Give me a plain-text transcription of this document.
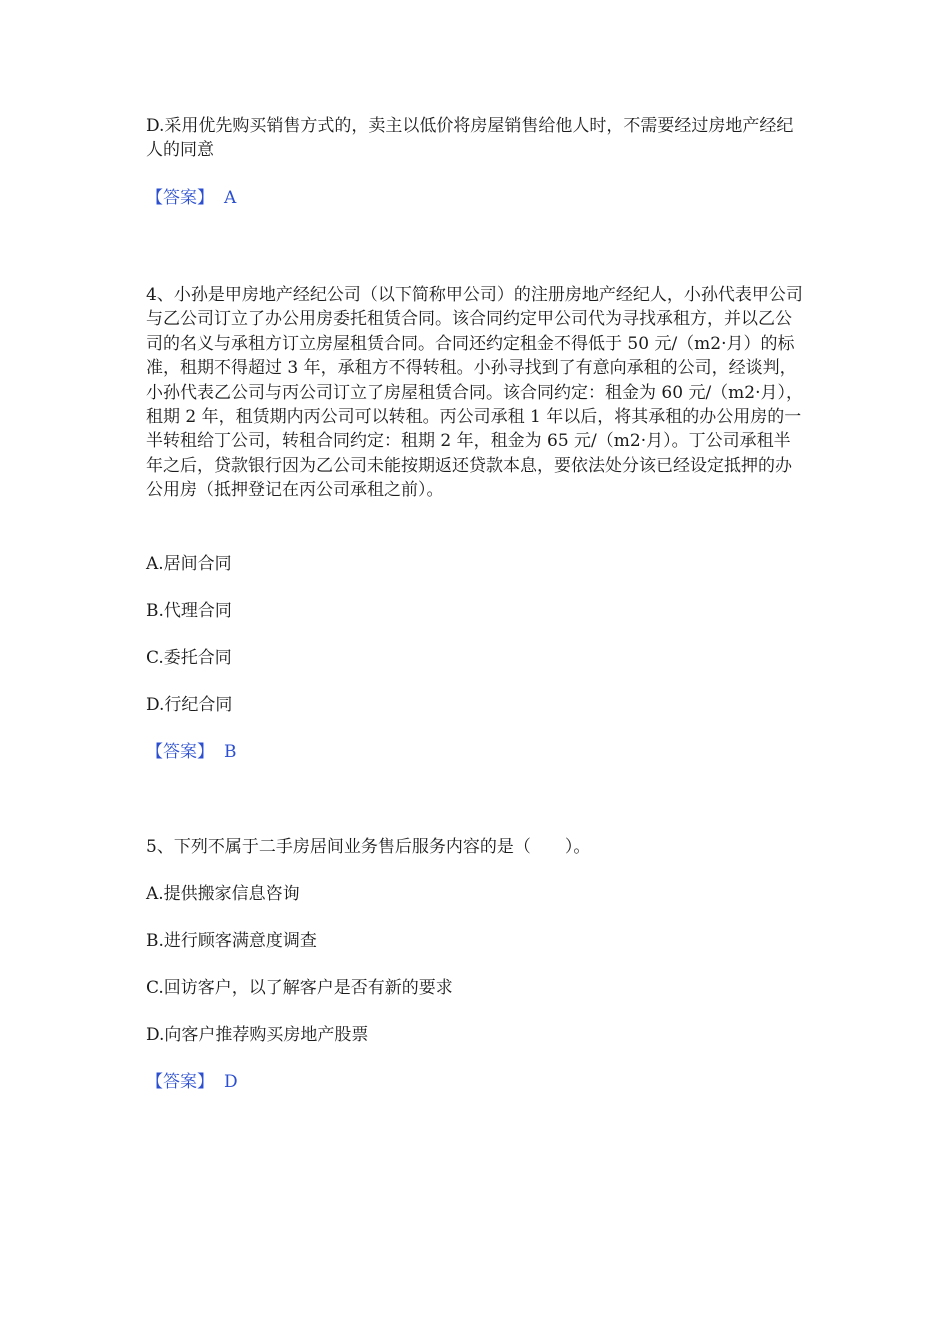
D.采用优先购买销售方式的，卖主以低价将房屋销售给他人时，不需要经过房地产经纪人的同意

【答案】 A

4、小孙是甲房地产经纪公司（以下简称甲公司）的注册房地产经纪人，小孙代表甲公司与乙公司订立了办公用房委托租赁合同。该合同约定甲公司代为寻找承租方，并以乙公司的名义与承租方订立房屋租赁合同。合同还约定租金不得低于 50 元/（m2·月）的标准，租期不得超过 3 年，承租方不得转租。小孙寻找到了有意向承租的公司，经谈判，小孙代表乙公司与丙公司订立了房屋租赁合同。该合同约定：租金为 60 元/（m2·月），租期 2 年，租赁期内丙公司可以转租。丙公司承租 1 年以后，将其承租的办公用房的一半转租给丁公司，转租合同约定：租期 2 年，租金为 65 元/（m2·月）。丁公司承租半年之后，贷款银行因为乙公司未能按期返还贷款本息，要依法处分该已经设定抵押的办公用房（抵押登记在丙公司承租之前）。

A.居间合同

B.代理合同

C.委托合同

D.行纪合同

【答案】 B

5、下列不属于二手房居间业务售后服务内容的是（　　）。

A.提供搬家信息咨询

B.进行顾客满意度调查

C.回访客户，以了解客户是否有新的要求

D.向客户推荐购买房地产股票

【答案】 D
